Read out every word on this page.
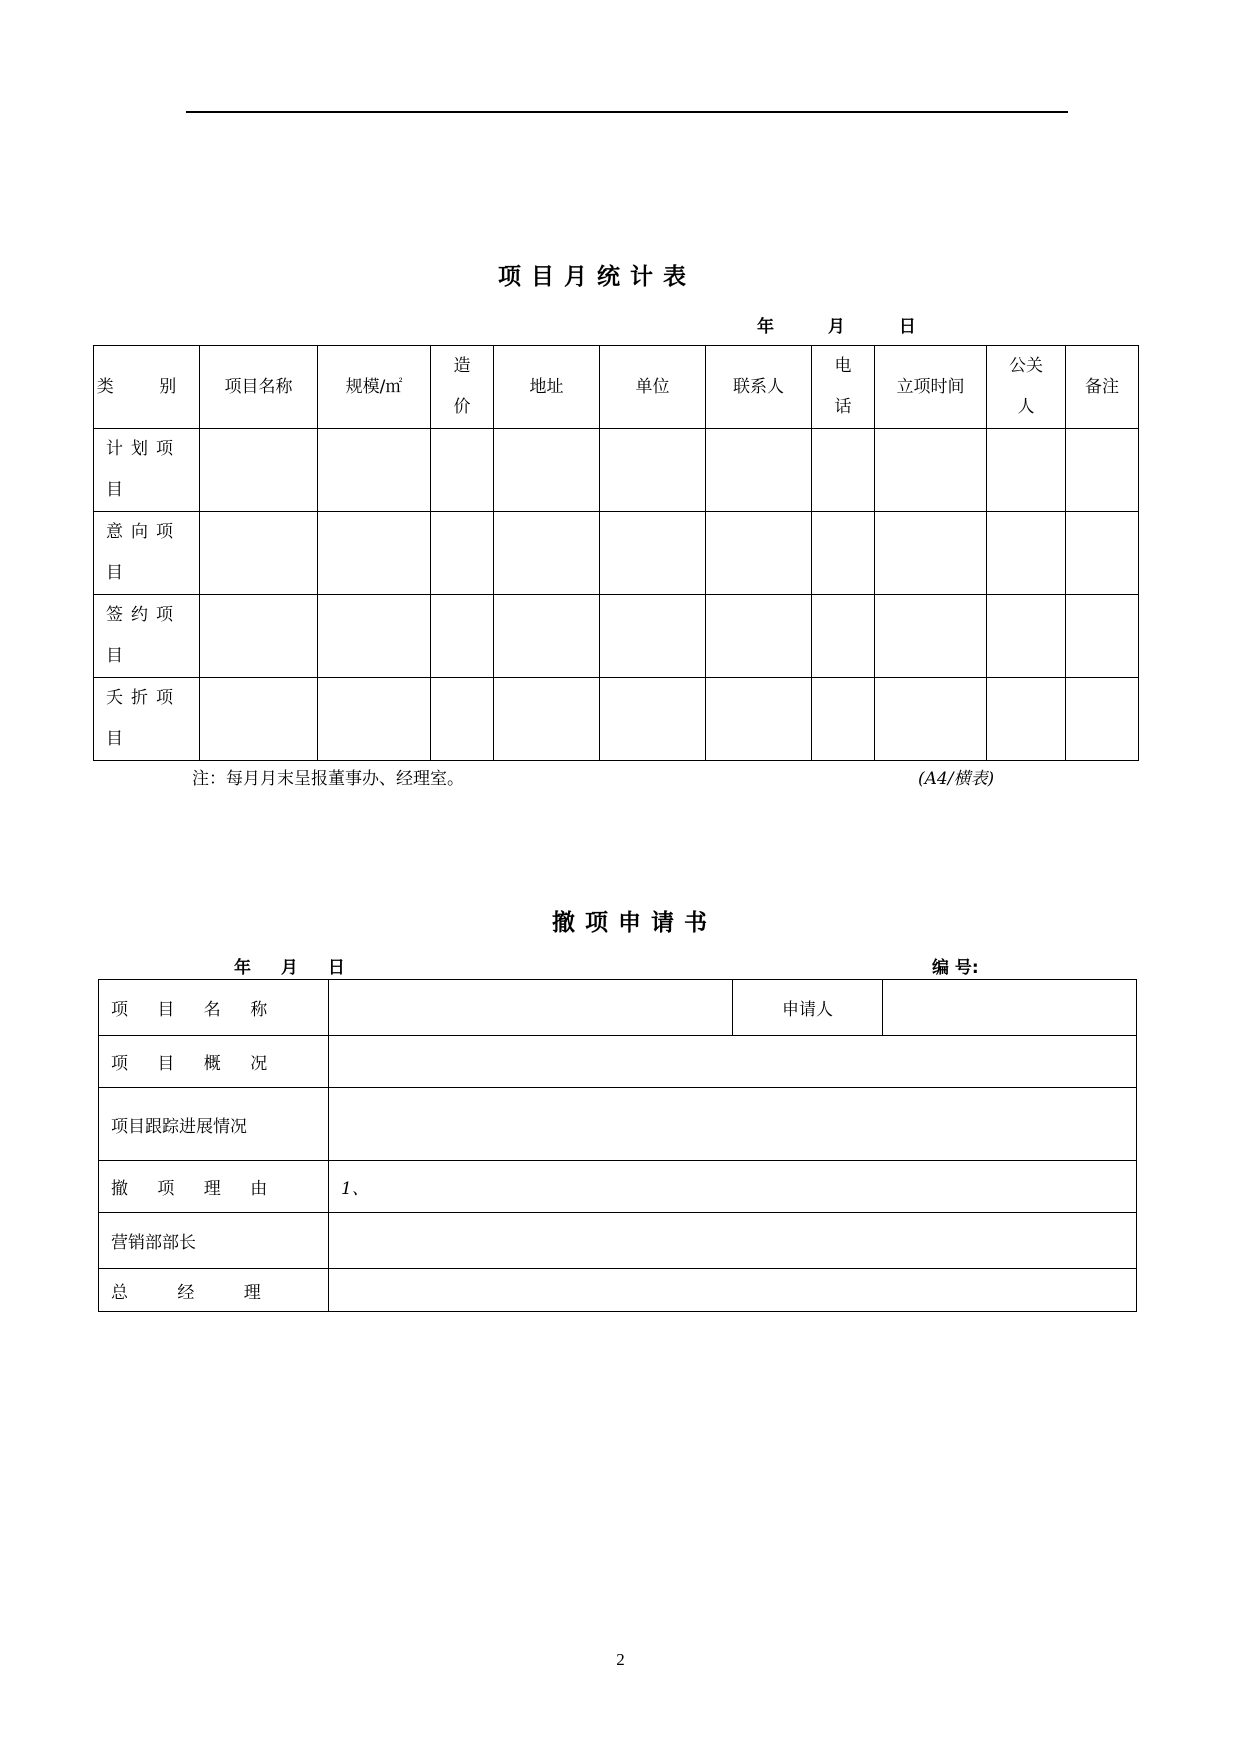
项目月统计表
年	月	日
类 别	项目名称	规模/㎡	造价	地址	单位	联系人	电话	立项时间	公关人	备注
计划项目										
意向项目										
签约项目										
夭折项目										
注：每月月末呈报董事办、经理室。	(A4/横表)
撤项申请书
年 月 日	编 号:
项 目 名 称		申请人	
项 目 概 况			
项目跟踪进展情况			
撤 项 理 由	1、		
营销部部长			
总 经 理			
2
